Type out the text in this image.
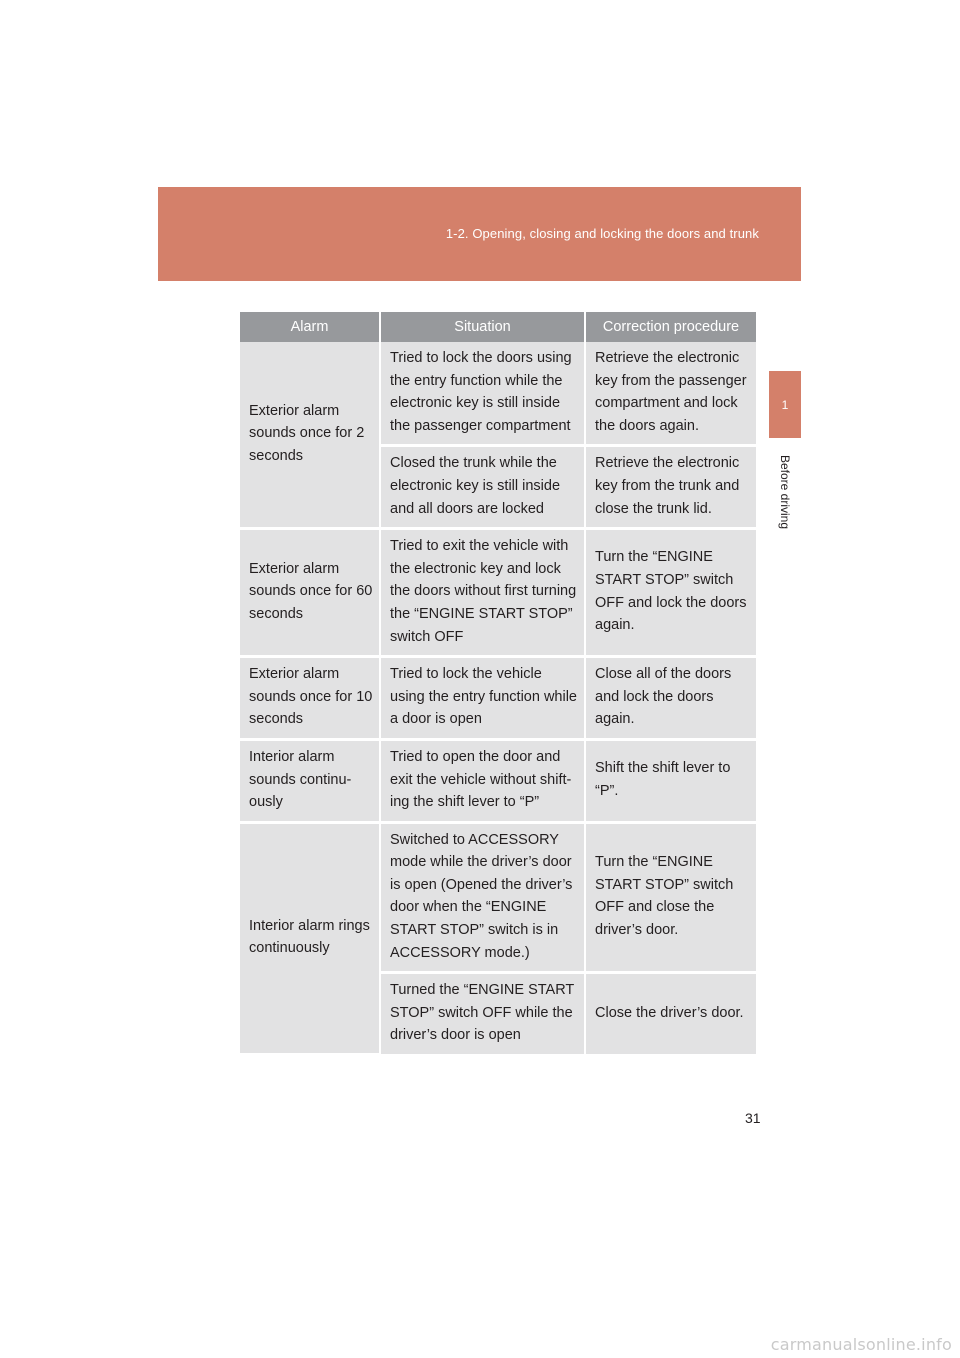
1-2. Opening, closing and locking the doors and trunk
1
Before driving
Alarm	Situation	Correction procedure
Exterior alarm sounds once for 2 seconds	Tried to lock the doors using the entry function while the electronic key is still inside the passenger compartment	Retrieve the electronic key from the passenger compartment and lock the doors again.
	Closed the trunk while the electronic key is still inside and all doors are locked	Retrieve the electronic key from the trunk and close the trunk lid.
Exterior alarm sounds once for 60 seconds	Tried to exit the vehicle with the electronic key and lock the doors without first turning the “ENGINE START STOP” switch OFF	Turn the “ENGINE START STOP” switch OFF and lock the doors again.
Exterior alarm sounds once for 10 seconds	Tried to lock the vehicle using the entry function while a door is open	Close all of the doors and lock the doors again.
Interior alarm sounds continu-ously	Tried to open the door and exit the vehicle without shift-ing the shift lever to “P”	Shift the shift lever to “P”.
Interior alarm rings continuously	Switched to ACCESSORY mode while the driver’s door is open (Opened the driver’s door when the “ENGINE START STOP” switch is in ACCESSORY mode.)	Turn the “ENGINE START STOP” switch OFF and close the driver’s door.
	Turned the “ENGINE START STOP” switch OFF while the driver’s door is open	Close the driver’s door.
31
carmanualsonline.info
